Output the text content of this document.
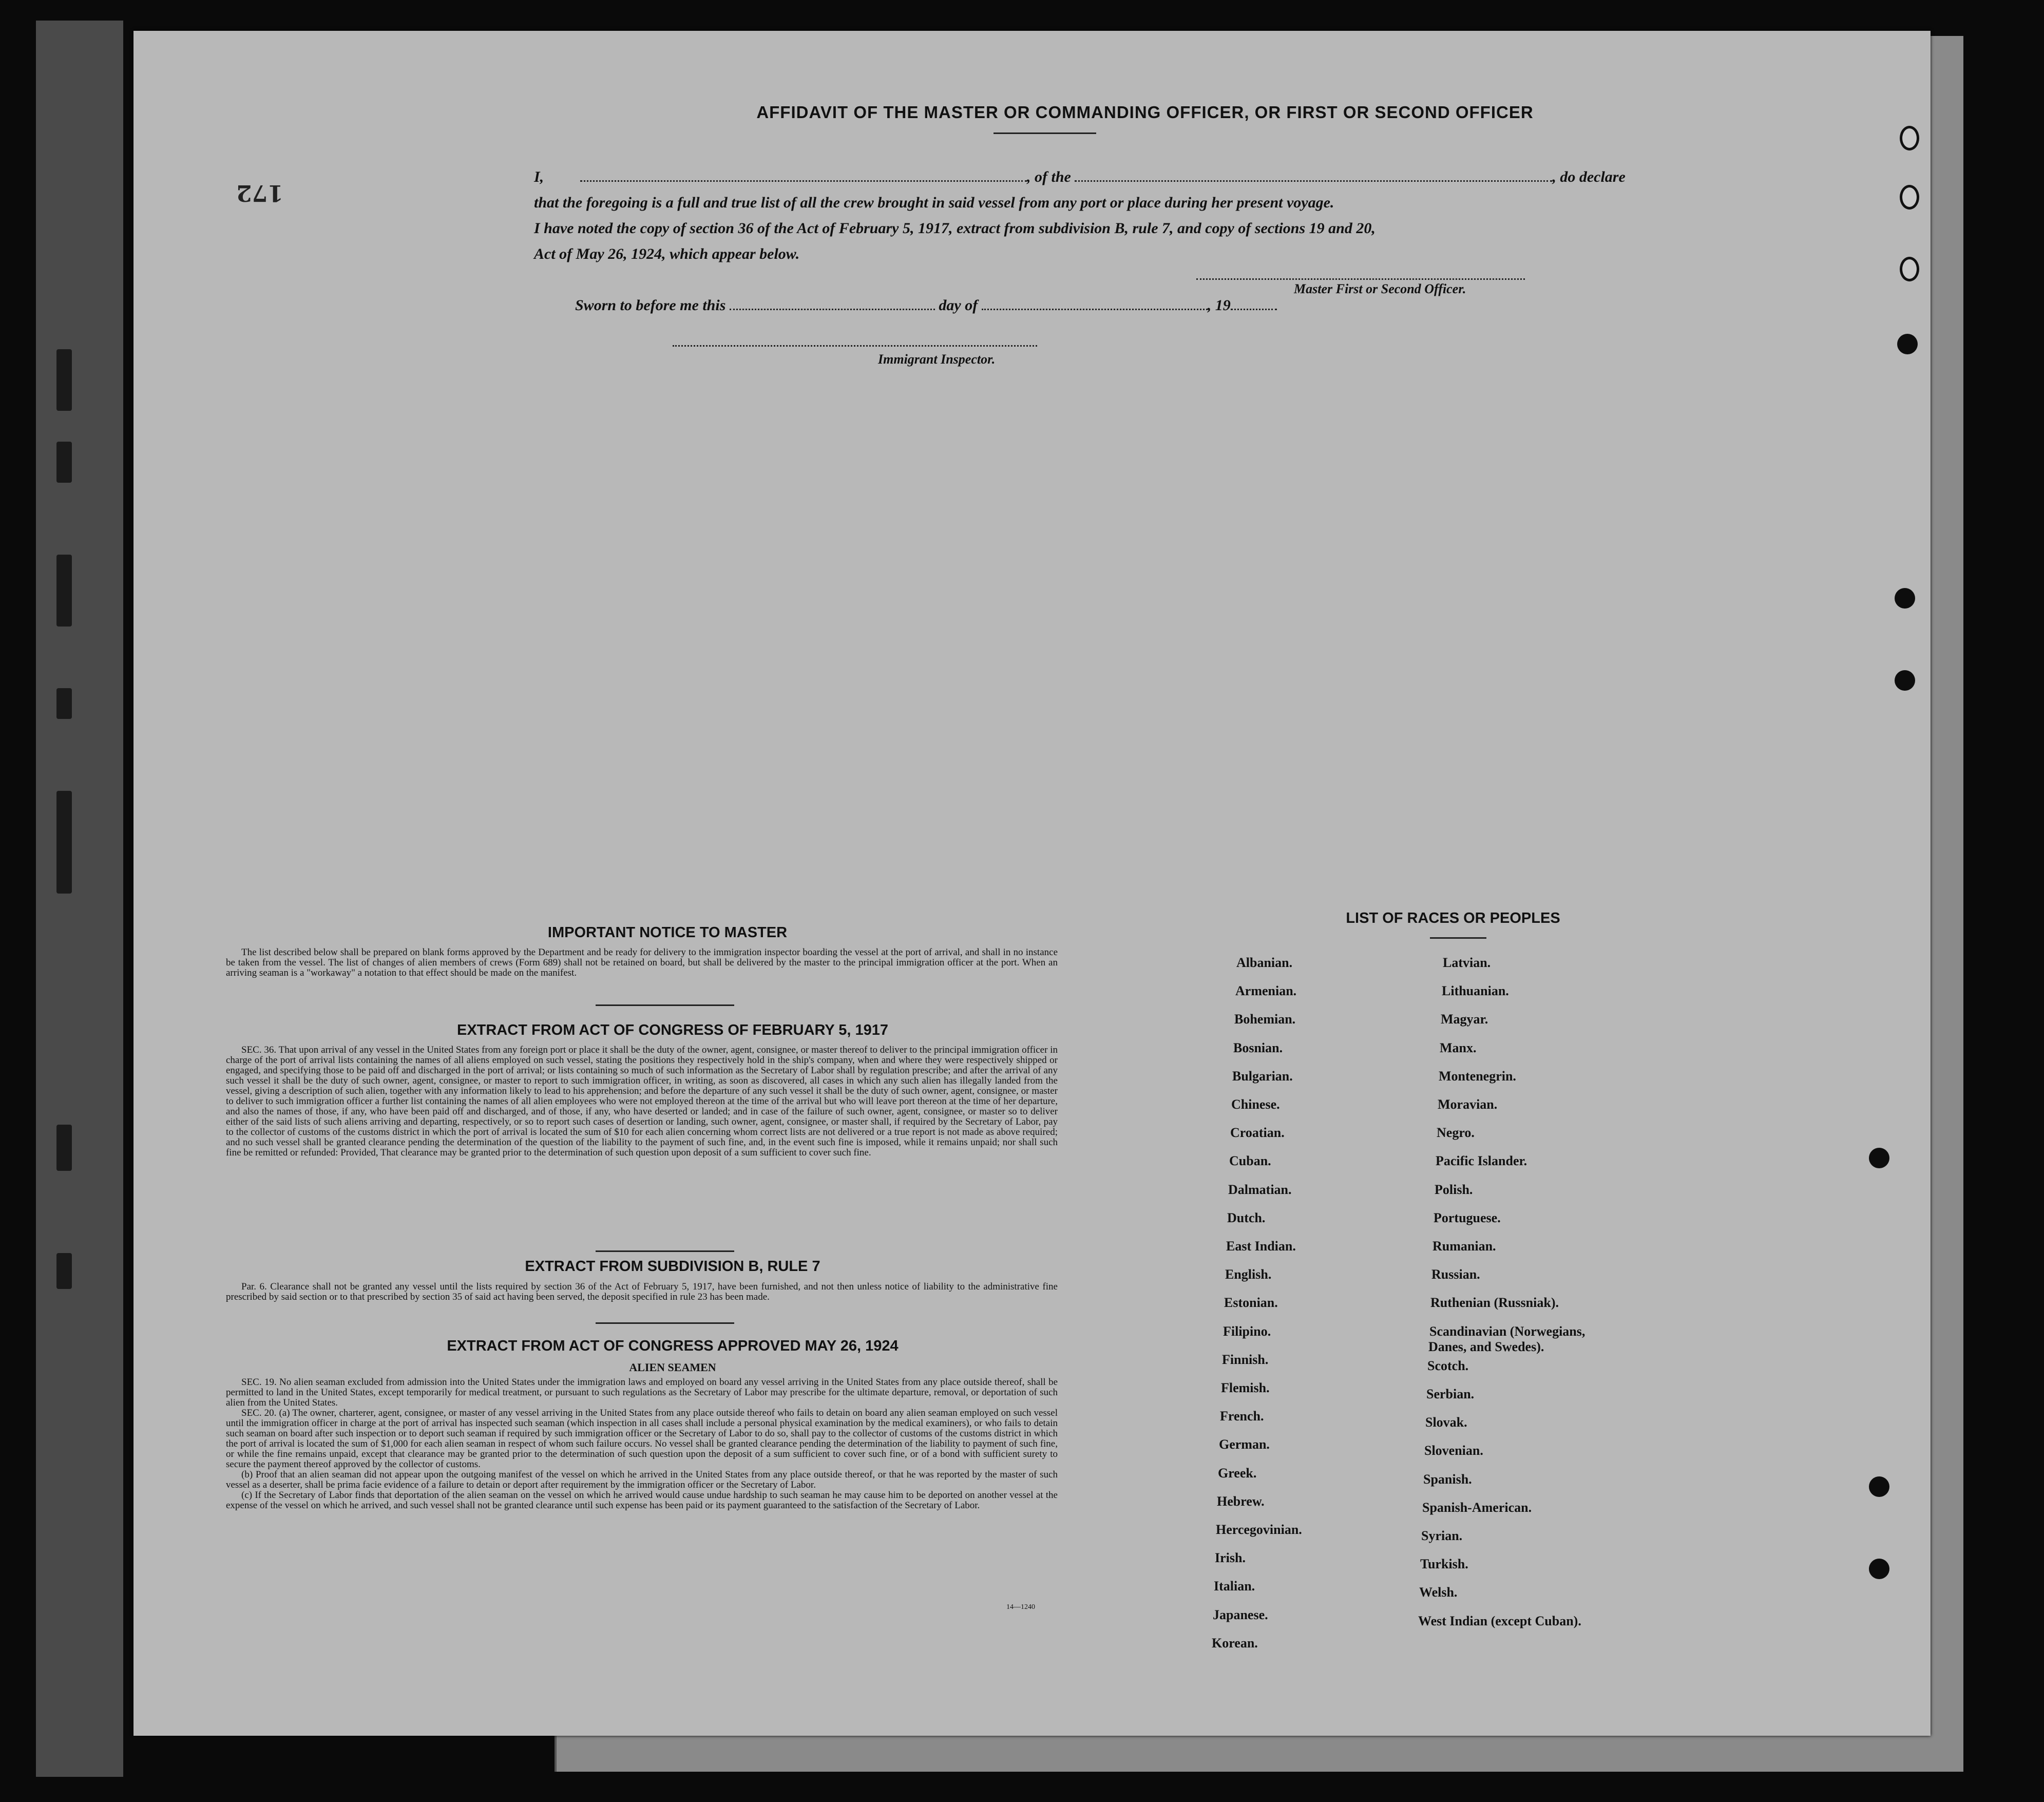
172
AFFIDAVIT OF THE MASTER OR COMMANDING OFFICER, OR FIRST OR SECOND OFFICER
I,	, of the	, do declare
that the foregoing is a full and true list of all the crew brought in said vessel from any port or place during her present voyage.
I have noted the copy of section 36 of the Act of February 5, 1917, extract from subdivision B, rule 7, and copy of sections 19 and 20,
Act of May 26, 1924, which appear below.
Master First or Second Officer.
Sworn to before me this	day of	, 19
Immigrant Inspector.
IMPORTANT NOTICE TO MASTER

The list described below shall be prepared on blank forms approved by the Department and be ready for delivery to the immigration inspector boarding the vessel at the port of arrival, and shall in no instance be taken from the vessel. The list of changes of alien members of crews (Form 689) shall not be retained on board, but shall be delivered by the master to the principal immigration officer at the port. When an arriving seaman is a "workaway" a notation to that effect should be made on the manifest.

EXTRACT FROM ACT OF CONGRESS OF FEBRUARY 5, 1917

SEC. 36. That upon arrival of any vessel in the United States from any foreign port or place it shall be the duty of the owner, agent, consignee, or master thereof to deliver to the principal immigration officer in charge of the port of arrival lists containing the names of all aliens employed on such vessel, stating the positions they respectively hold in the ship's company, when and where they were respectively shipped or engaged, and specifying those to be paid off and discharged in the port of arrival; or lists containing so much of such information as the Secretary of Labor shall by regulation prescribe; and after the arrival of any such vessel it shall be the duty of such owner, agent, consignee, or master to report to such immigration officer, in writing, as soon as discovered, all cases in which any such alien has illegally landed from the vessel, giving a description of such alien, together with any information likely to lead to his apprehension; and before the departure of any such vessel it shall be the duty of such owner, agent, consignee, or master to deliver to such immigration officer a further list containing the names of all alien employees who were not employed thereon at the time of the arrival but who will leave port thereon at the time of her departure, and also the names of those, if any, who have been paid off and discharged, and of those, if any, who have deserted or landed; and in case of the failure of such owner, agent, consignee, or master so to deliver either of the said lists of such aliens arriving and departing, respectively, or so to report such cases of desertion or landing, such owner, agent, consignee, or master shall, if required by the Secretary of Labor, pay to the collector of customs of the customs district in which the port of arrival is located the sum of $10 for each alien concerning whom correct lists are not delivered or a true report is not made as above required; and no such vessel shall be granted clearance pending the determination of the question of the liability to the payment of such fine, and, in the event such fine is imposed, while it remains unpaid; nor shall such fine be remitted or refunded: Provided, That clearance may be granted prior to the determination of such question upon deposit of a sum sufficient to cover such fine.

EXTRACT FROM SUBDIVISION B, RULE 7

Par. 6. Clearance shall not be granted any vessel until the lists required by section 36 of the Act of February 5, 1917, have been furnished, and not then unless notice of liability to the administrative fine prescribed by said section or to that prescribed by section 35 of said act having been served, the deposit specified in rule 23 has been made.

EXTRACT FROM ACT OF CONGRESS APPROVED MAY 26, 1924
ALIEN SEAMEN

SEC. 19. No alien seaman excluded from admission into the United States under the immigration laws and employed on board any vessel arriving in the United States from any place outside thereof, shall be permitted to land in the United States, except temporarily for medical treatment, or pursuant to such regulations as the Secretary of Labor may prescribe for the ultimate departure, removal, or deportation of such alien from the United States.

SEC. 20. (a) The owner, charterer, agent, consignee, or master of any vessel arriving in the United States from any place outside thereof who fails to detain on board any alien seaman employed on such vessel until the immigration officer in charge at the port of arrival has inspected such seaman (which inspection in all cases shall include a personal physical examination by the medical examiners), or who fails to detain such seaman on board after such inspection or to deport such seaman if required by such immigration officer or the Secretary of Labor to do so, shall pay to the collector of customs of the customs district in which the port of arrival is located the sum of $1,000 for each alien seaman in respect of whom such failure occurs. No vessel shall be granted clearance pending the determination of the liability to payment of such fine, or while the fine remains unpaid, except that clearance may be granted prior to the determination of such question upon the deposit of a sum sufficient to cover such fine, or of a bond with sufficient surety to secure the payment thereof approved by the collector of customs.

(b) Proof that an alien seaman did not appear upon the outgoing manifest of the vessel on which he arrived in the United States from any place outside thereof, or that he was reported by the master of such vessel as a deserter, shall be prima facie evidence of a failure to detain or deport after requirement by the immigration officer or the Secretary of Labor.

(c) If the Secretary of Labor finds that deportation of the alien seaman on the vessel on which he arrived would cause undue hardship to such seaman he may cause him to be deported on another vessel at the expense of the vessel on which he arrived, and such vessel shall not be granted clearance until such expense has been paid or its payment guaranteed to the satisfaction of the Secretary of Labor.

14—1240
LIST OF RACES OR PEOPLES
Albanian.
Armenian.
Bohemian.
Bosnian.
Bulgarian.
Chinese.
Croatian.
Cuban.
Dalmatian.
Dutch.
East Indian.
English.
Estonian.
Filipino.
Finnish.
Flemish.
French.
German.
Greek.
Hebrew.
Hercegovinian.
Irish.
Italian.
Japanese.
Korean.
Latvian.
Lithuanian.
Magyar.
Manx.
Montenegrin.
Moravian.
Negro.
Pacific Islander.
Polish.
Portuguese.
Rumanian.
Russian.
Ruthenian (Russniak).
Scandinavian (Norwegians,
Danes, and Swedes).
Scotch.
Serbian.
Slovak.
Slovenian.
Spanish.
Spanish-American.
Syrian.
Turkish.
Welsh.
West Indian (except Cuban).
